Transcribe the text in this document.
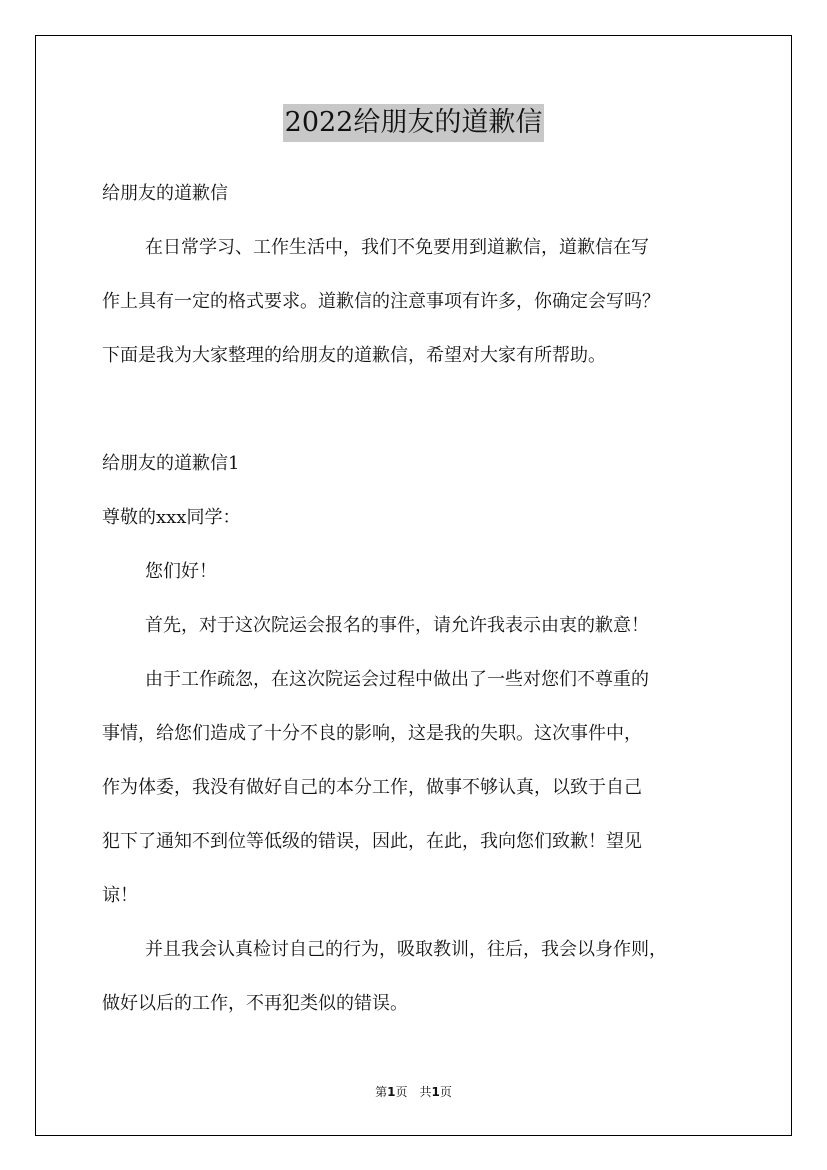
2022给朋友的道歉信
给朋友的道歉信
在日常学习、工作生活中，我们不免要用到道歉信，道歉信在写
作上具有一定的格式要求。道歉信的注意事项有许多，你确定会写吗？
下面是我为大家整理的给朋友的道歉信，希望对大家有所帮助。
给朋友的道歉信1
尊敬的xxx同学：
您们好！
首先，对于这次院运会报名的事件，请允许我表示由衷的歉意！
由于工作疏忽，在这次院运会过程中做出了一些对您们不尊重的
事情，给您们造成了十分不良的影响，这是我的失职。这次事件中，
作为体委，我没有做好自己的本分工作，做事不够认真，以致于自己
犯下了通知不到位等低级的错误，因此，在此，我向您们致歉！望见
谅！
并且我会认真检讨自己的行为，吸取教训，往后，我会以身作则，
做好以后的工作，不再犯类似的错误。
第1页 共1页
